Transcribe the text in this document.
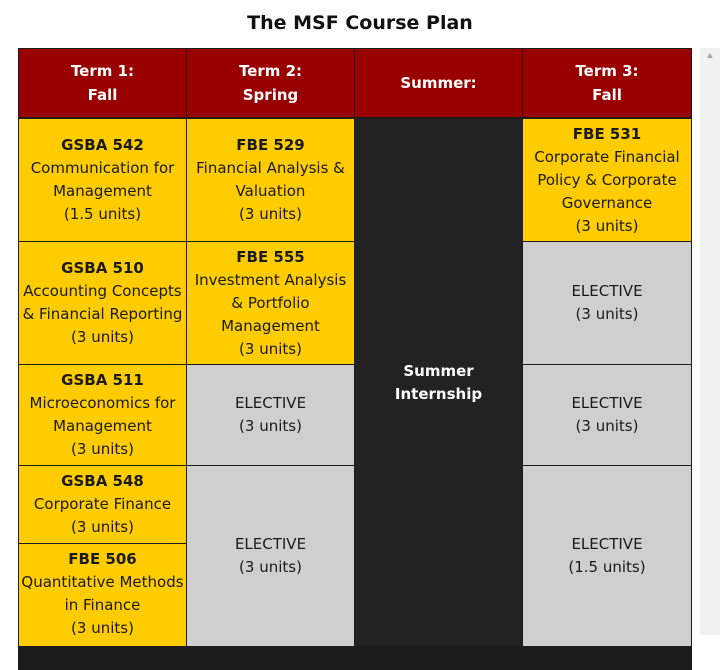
The MSF Course Plan
Term 1:
Fall
Term 2:
Spring
Summer:
Term 3:
Fall
GSBA 542
Communication for Management
(1.5 units)
GSBA 510
Accounting Concepts & Financial Reporting
(3 units)
GSBA 511
Microeconomics for Management
(3 units)
GSBA 548
Corporate Finance
(3 units)
FBE 506
Quantitative Methods in Finance
(3 units)
FBE 529
Financial Analysis & Valuation
(3 units)
FBE 555
Investment Analysis & Portfolio Management
(3 units)
ELECTIVE
(3 units)
ELECTIVE
(3 units)
Summer Internship
FBE 531
Corporate Financial Policy & Corporate Governance
(3 units)
ELECTIVE
(3 units)
ELECTIVE
(3 units)
ELECTIVE
(1.5 units)
▲
